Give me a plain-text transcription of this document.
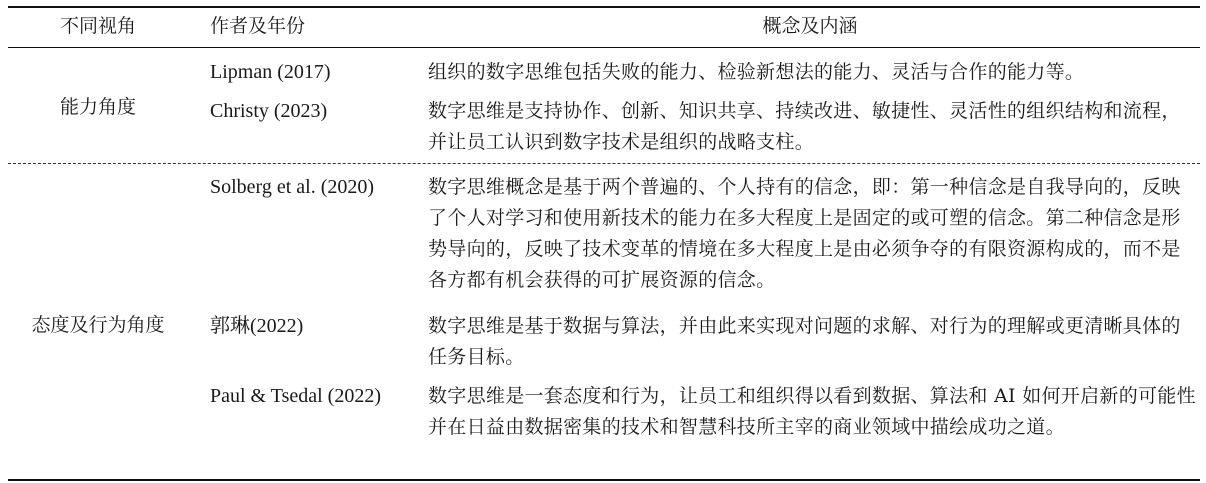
不同视角	作者及年份	概念及内涵
能力角度
Lipman (2017)	组织的数字思维包括失败的能力、检验新想法的能力、灵活与合作的能力等。
Christy (2023)	数字思维是支持协作、创新、知识共享、持续改进、敏捷性、灵活性的组织结构和流程，并让员工认识到数字技术是组织的战略支柱。
态度及行为角度
Solberg et al. (2020)	数字思维概念是基于两个普遍的、个人持有的信念，即：第一种信念是自我导向的，反映了个人对学习和使用新技术的能力在多大程度上是固定的或可塑的信念。第二种信念是形势导向的，反映了技术变革的情境在多大程度上是由必须争夺的有限资源构成的，而不是各方都有机会获得的可扩展资源的信念。
郭琳(2022)	数字思维是基于数据与算法，并由此来实现对问题的求解、对行为的理解或更清晰具体的任务目标。
Paul & Tsedal (2022) 数字思维是一套态度和行为，让员工和组织得以看到数据、算法和 AI 如何开启新的可能性并在日益由数据密集的技术和智慧科技所主宰的商业领域中描绘成功之道。
